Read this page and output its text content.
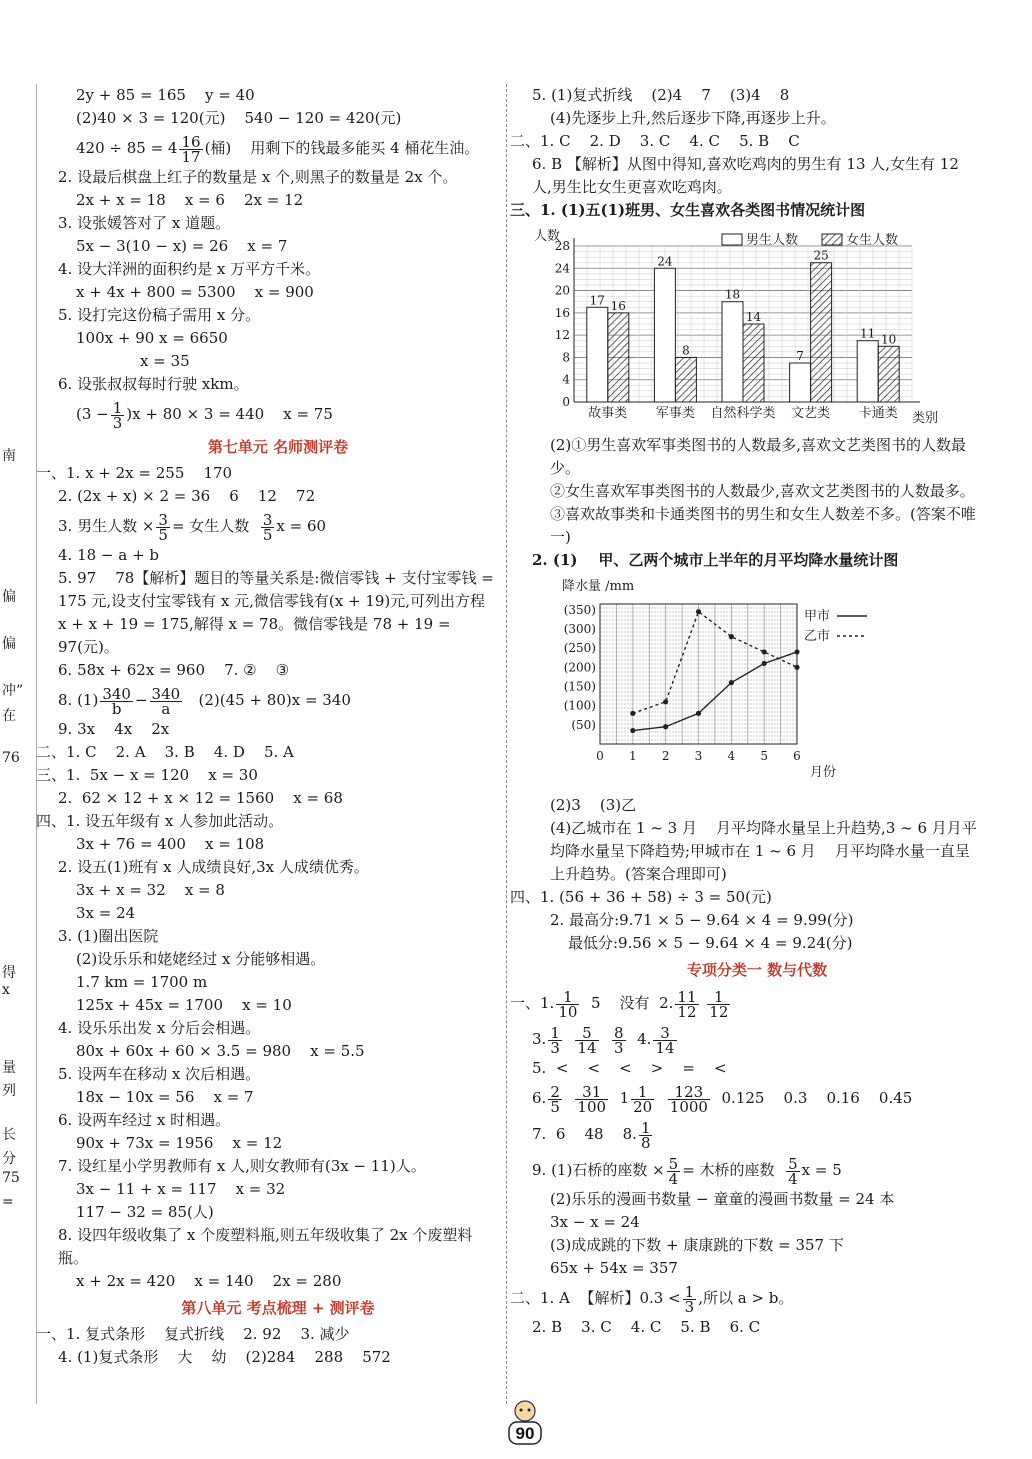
南
偏
偏
冲”
在
76
得 x
量
列
长
分
75
=

2y + 85 = 165    y = 40

(2)40 × 3 = 120(元)    540 − 120 = 420(元)

$420 \div 85 = 4 \frac{16}{17}$ (桶)    用剩下的钱最多能买 4 桶花生油。

2. 设最后棋盘上红子的数量是 x 个,则黑子的数量是 2x 个。

2x + x = 18    x = 6    2x = 12

3. 设张媛答对了 x 道题。

5x − 3(10 − x) = 26    x = 7

4. 设大洋洲的面积约是 x 万平方千米。

x + 4x + 800 = 5300    x = 900

5. 设打完这份稿子需用 x 分。

100x + 90 x = 6650

x = 35

6. 设张叔叔每时行驶 xkm。

$(3 - \frac{1}{3} )x + 80 \times 3 = 440$    x = 75

第七单元 名师测评卷

一、1. x + 2x = 255    170

2. (2x + x) × 2 = 36    6    12    72

3. 男生人数 × $\frac{3}{5}$ = 女生人数 $\frac{3}{5}$ x = 60

4. 18 − a + b

5. 97    78【解析】题目的等量关系是:微信零钱 + 支付宝零钱 = 175 元,设支付宝零钱有 x 元,微信零钱有(x + 19)元,可列出方程 x + x + 19 = 175,解得 x = 78。微信零钱是 78 + 19 = 97(元)。

6. 58x + 62x = 960    7. ②    ③

8. $(1) \frac{340}{b} - \frac{340}{a} (2)(45 + 80)x = 340$

9. 3x    4x    2x

二、1. C    2. A    3. B    4. D    5. A

三、1.  5x − x = 120    x = 30

2.  62 × 12 + x × 12 = 1560    x = 68

四、1. 设五年级有 x 人参加此活动。

3x + 76 = 400    x = 108

2. 设五(1)班有 x 人成绩良好,3x 人成绩优秀。

3x + x = 32    x = 8

3x = 24

3. (1)圈出医院

(2)设乐乐和姥姥经过 x 分能够相遇。

1.7 km = 1700 m

125x + 45x = 1700    x = 10

4. 设乐乐出发 x 分后会相遇。

80x + 60x + 60 × 3.5 = 980    x = 5.5

5. 设两车在移动 x 次后相遇。

18x − 10x = 56    x = 7

6. 设两车经过 x 时相遇。

90x + 73x = 1956    x = 12

7. 设红星小学男教师有 x 人,则女教师有(3x − 11)人。

3x − 11 + x = 117    x = 32

117 − 32 = 85(人)

8. 设四年级收集了 x 个废塑料瓶,则五年级收集了 2x 个废塑料瓶。

x + 2x = 420    x = 140    2x = 280

第八单元 考点梳理 + 测评卷

一、1. 复式条形    复式折线    2. 92    3. 减少

4. (1)复式条形    大    幼    (2)284    288    572

5. (1)复式折线    (2)4    7    (3)4    8

(4)先逐步上升,然后逐步下降,再逐步上升。

二、1. C    2. D    3. C    4. C    5. B    C

6. B 【解析】从图中得知,喜欢吃鸡肉的男生有 13 人,女生有 12 人,男生比女生更喜欢吃鸡肉。

三、1. (1)五(1)班男、女生喜欢各类图书情况统计图

人数
0
4
8
12
16
20
24
28
17 16
24
8
18
14
7
25
11 10
故事类 军事类 自然科学类 文艺类 卡通类
男生人数	女生人数
类别

(2)①男生喜欢军事类图书的人数最多,喜欢文艺类图书的人数最少。

②女生喜欢军事类图书的人数最少,喜欢文艺类图书的人数最多。

③喜欢故事类和卡通类图书的男生和女生人数差不多。(答案不唯一)

2. (1)    甲、乙两个城市上半年的月平均降水量统计图

降水量 /mm
(50)
(100)
(150)
(200)
(250)
(300)
(350)
0 1 2 3 4 5 6
甲市
乙市
月份

(2)3    (3)乙

(4)乙城市在 1 ~ 3 月    月平均降水量呈上升趋势,3 ~ 6 月月平均降水量呈下降趋势;甲城市在 1 ~ 6 月    月平均降水量一直呈上升趋势。(答案合理即可)

四、1. (56 + 36 + 58) ÷ 3 = 50(元)

2. 最高分:9.71 × 5 − 9.64 × 4 = 9.99(分)

最低分:9.56 × 5 − 9.64 × 4 = 9.24(分)

专项分类一 数与代数

一、1. $\frac{1}{10} 5$    没有  2. $\frac{11}{12}$
$\frac{1}{12}$

3. $\frac{1}{3}$
$\frac{5}{14}$
$\frac{8}{3} 4$. $\frac{3}{14}$

5.  <    <    <    >    =    <

6. $\frac{2}{5}$
$\frac{31}{100} 1 \frac{1}{20}$
$\frac{123}{1000} 0.125$    0.3    0.16    0.45

7.  6    48    8. $\frac{1}{8}$

9. (1)石桥的座数 × $\frac{5}{4}$ = 木桥的座数 $\frac{5}{4}$ x = 5

(2)乐乐的漫画书数量 − 童童的漫画书数量 = 24 本

3x − x = 24

(3)成成跳的下数 + 康康跳的下数 = 357 下

65x + 54x = 357

二、1. A  【解析】$0.3 < \frac{1}{3}$ ,所以 a > b。

2. B    3. C    4. C    5. B    6. C

90
